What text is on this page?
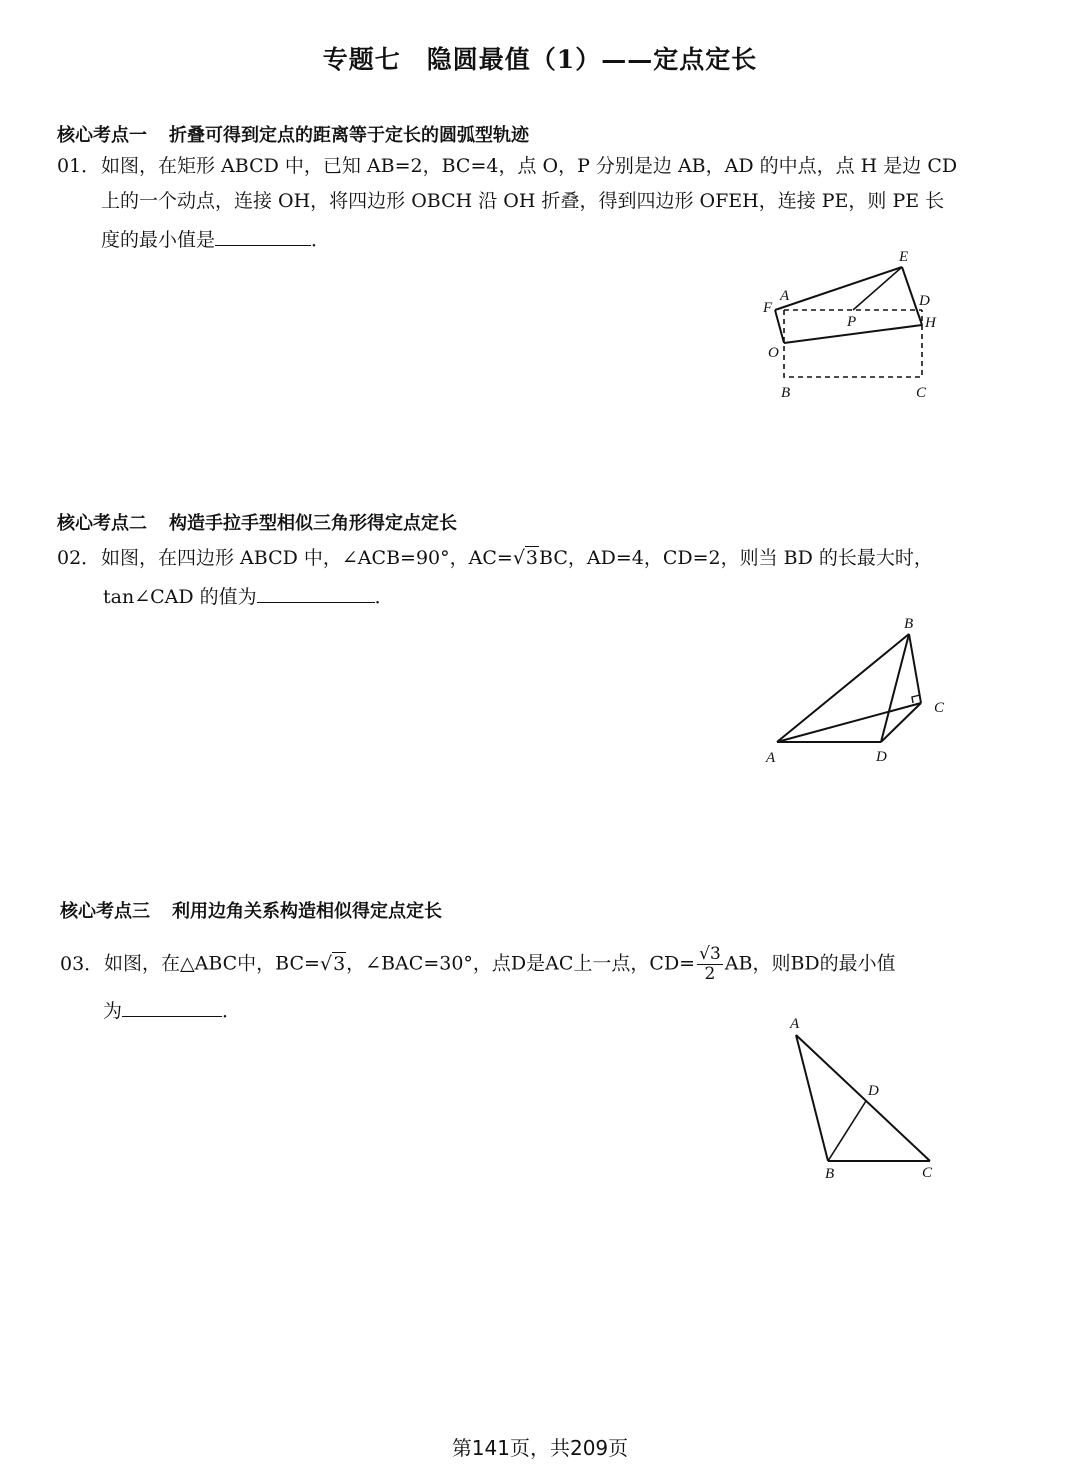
专题七　隐圆最值（1）——定点定长
核心考点一 折叠可得到定点的距离等于定长的圆弧型轨迹
01．如图，在矩形 ABCD 中，已知 AB=2，BC=4，点 O，P 分别是边 AB，AD 的中点，点 H 是边 CD
上的一个动点，连接 OH，将四边形 OBCH 沿 OH 折叠，得到四边形 OFEH，连接 PE，则 PE 长
度的最小值是	．
E
A
F	D
P	H
O
B	C
核心考点二 构造手拉手型相似三角形得定点定长
02．如图，在四边形 ABCD 中，∠ACB=90°，AC=√3BC，AD=4，CD=2，则当 BD 的长最大时，
tan∠CAD 的值为	．
B
C
A	D
核心考点三 利用边角关系构造相似得定点定长
03．如图，在△ABC中，BC=√3，∠BAC=30°，点D是AC上一点，$CD= \frac{√3}{2}$ AB，则BD的最小值
为	．
A
D
B	C
第141页，共209页
